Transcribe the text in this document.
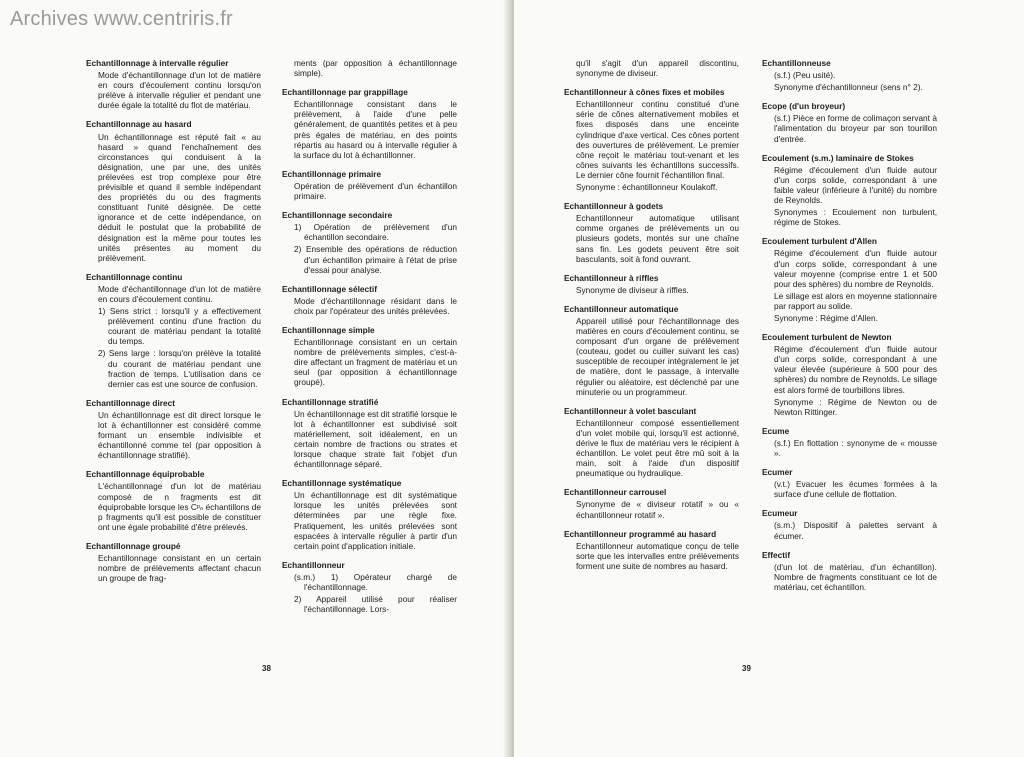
Echantillonnage à intervalle régulier

Mode d'échantillonnage d'un lot de matière en cours d'écoulement continu lorsqu'on prélève à intervalle régulier et pendant une durée égale la totalité du flot de matériau.

Echantillonnage au hasard

Un échantillonnage est réputé fait « au hasard » quand l'enchaînement des circonstances qui conduisent à la désignation, une par une, des unités prélevées est trop complexe pour être prévisible et quand il semble indépendant des propriétés du ou des fragments constituant l'unité désignée. De cette ignorance et de cette indépendance, on déduit le postulat que la probabilité de désignation est la même pour toutes les unités présentes au moment du prélèvement.

Echantillonnage continu

Mode d'échantillonnage d'un lot de matière en cours d'écoulement continu.

1) Sens strict : lorsqu'il y a effectivement prélèvement continu d'une fraction du courant de matériau pendant la totalité du temps.

2) Sens large : lorsqu'on prélève la totalité du courant de matériau pendant une fraction de temps. L'utilisation dans ce dernier cas est une source de confusion.

Echantillonnage direct

Un échantillonnage est dit direct lorsque le lot à échantillonner est considéré comme formant un ensemble indivisible et échantillonné comme tel (par opposition à échantillonnage stratifié).

Echantillonnage équiprobable

L'échantillonnage d'un lot de matériau composé de n fragments est dit équiprobable lorsque les Cᵖₙ échantillons de p fragments qu'il est possible de constituer ont une égale probabilité d'être prélevés.

Echantillonnage groupé

Echantillonnage consistant en un certain nombre de prélèvements affectant chacun un groupe de frag-

ments (par opposition à échantillonnage simple).
Echantillonnage par grappillage

Echantillonnage consistant dans le prélèvement, à l'aide d'une pelle généralement, de quantités petites et à peu près égales de matériau, en des points répartis au hasard ou à intervalle régulier à la surface du lot à échantillonner.

Echantillonnage primaire

Opération de prélèvement d'un échantillon primaire.

Echantillonnage secondaire

1) Opération de prélèvement d'un échantillon secondaire.

2) Ensemble des opérations de réduction d'un échantillon primaire à l'état de prise d'essai pour analyse.

Echantillonnage sélectif

Mode d'échantillonnage résidant dans le choix par l'opérateur des unités prélevées.

Echantillonnage simple

Echantillonnage consistant en un certain nombre de prélèvements simples, c'est-à-dire affectant un fragment de matériau et un seul (par opposition à échantillonnage groupé).

Echantillonnage stratifié

Un échantillonnage est dit stratifié lorsque le lot à échantillonner est subdivisé soit matériellement, soit idéalement, en un certain nombre de fractions ou strates et lorsque chaque strate fait l'objet d'un échantillonnage séparé.

Echantillonnage systématique

Un échantillonnage est dit systématique lorsque les unités prélevées sont déterminées par une règle fixe. Pratiquement, les unités prélevées sont espacées à intervalle régulier à partir d'un certain point d'application initiale.

Echantillonneur

(s.m.) 1) Opérateur chargé de l'échantillonnage.

2) Appareil utilisé pour réaliser l'échantillonnage. Lors-

38
qu'il s'agit d'un appareil discontinu, synonyme de diviseur.
Echantillonneur à cônes fixes et mobiles

Echantillonneur continu constitué d'une série de cônes alternativement mobiles et fixes disposés dans une enceinte cylindrique d'axe vertical. Ces cônes portent des ouvertures de prélèvement. Le premier cône reçoit le matériau tout-venant et les cônes suivants les échantillons successifs. Le dernier cône fournit l'échantillon final.

Synonyme : échantillonneur Koulakoff.

Echantillonneur à godets

Echantillonneur automatique utilisant comme organes de prélèvements un ou plusieurs godets, montés sur une chaîne sans fin. Les godets peuvent être soit basculants, soit à fond ouvrant.

Echantillonneur à riffles

Synonyme de diviseur à riffles.

Echantillonneur automatique

Appareil utilisé pour l'échantillonnage des matières en cours d'écoulement continu, se composant d'un organe de prélèvement (couteau, godet ou cuiller suivant les cas) susceptible de recouper intégralement le jet de matière, dont le passage, à intervalle régulier ou aléatoire, est déclenché par une minuterie ou un programmeur.

Echantillonneur à volet basculant

Echantillonneur composé essentiellement d'un volet mobile qui, lorsqu'il est actionné, dérive le flux de matériau vers le récipient à échantillon. Le volet peut être mû soit à la main, soit à l'aide d'un dispositif pneumatique ou hydraulique.

Echantillonneur carrousel

Synonyme de « diviseur rotatif » ou « échantillonneur rotatif ».

Echantillonneur programmé au hasard

Echantillonneur automatique conçu de telle sorte que les intervalles entre prélèvements forment une suite de nombres au hasard.

Echantillonneuse

(s.f.) (Peu usité).

Synonyme d'échantillonneur (sens n° 2).

Ecope (d'un broyeur)

(s.f.) Pièce en forme de colimaçon servant à l'alimentation du broyeur par son tourillon d'entrée.

Ecoulement (s.m.) laminaire de Stokes

Régime d'écoulement d'un fluide autour d'un corps solide, correspondant à une faible valeur (inférieure à l'unité) du nombre de Reynolds.

Synonymes : Ecoulement non turbulent, régime de Stokes.

Ecoulement turbulent d'Allen

Régime d'écoulement d'un fluide autour d'un corps solide, correspondant à une valeur moyenne (comprise entre 1 et 500 pour des sphères) du nombre de Reynolds.

Le sillage est alors en moyenne stationnaire par rapport au solide.

Synonyme : Régime d'Allen.

Ecoulement turbulent de Newton

Régime d'écoulement d'un fluide autour d'un corps solide, correspondant à une valeur élevée (supérieure à 500 pour des sphères) du nombre de Reynolds. Le sillage est alors formé de tourbillons libres.

Synonyme : Régime de Newton ou de Newton Rittinger.

Ecume

(s.f.) En flottation : synonyme de « mousse ».

Ecumer

(v.t.) Evacuer les écumes formées à la surface d'une cellule de flottation.

Ecumeur

(s.m.) Dispositif à palettes servant à écumer.

Effectif

(d'un lot de matériau, d'un échantillon). Nombre de fragments constituant ce lot de matériau, cet échantillon.

39
Archives www.centriris.fr
